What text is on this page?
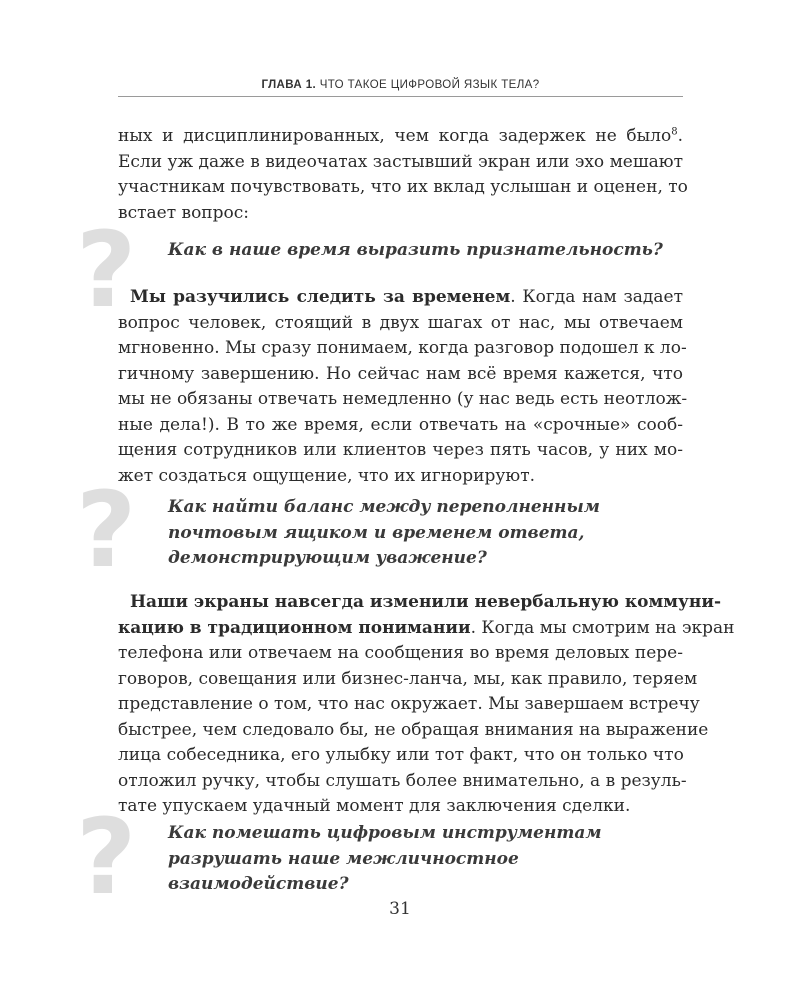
ГЛАВА 1. ЧТО ТАКОЕ ЦИФРОВОЙ ЯЗЫК ТЕЛА?
ных и дисциплинированных, чем когда задержек не было$^8$.
Если уж даже в видеочатах застывший экран или эхо мешают
участникам почувствовать, что их вклад услышан и оценен, то
встает вопрос:
? Как в наше время выразить признательность?
Мы разучились следить за временем. Когда нам задает
вопрос человек, стоящий в двух шагах от нас, мы отвечаем
мгновенно. Мы сразу понимаем, когда разговор подошел к ло-
гичному завершению. Но сейчас нам всё время кажется, что
мы не обязаны отвечать немедленно (у нас ведь есть неотлож-
ные дела!). В то же время, если отвечать на «срочные» сооб-
щения сотрудников или клиентов через пять часов, у них мо-
жет создаться ощущение, что их игнорируют.
? Как найти баланс между переполненным
почтовым ящиком и временем ответа,
демонстрирующим уважение?
Наши экраны навсегда изменили невербальную коммуни-
кацию в традиционном понимании. Когда мы смотрим на экран
телефона или отвечаем на сообщения во время деловых пере-
говоров, совещания или бизнес-ланча, мы, как правило, теряем
представление о том, что нас окружает. Мы завершаем встречу
быстрее, чем следовало бы, не обращая внимания на выражение
лица собеседника, его улыбку или тот факт, что он только что
отложил ручку, чтобы слушать более внимательно, а в резуль-
тате упускаем удачный момент для заключения сделки.
? Как помешать цифровым инструментам
разрушать наше межличностное
взаимодействие?
31
